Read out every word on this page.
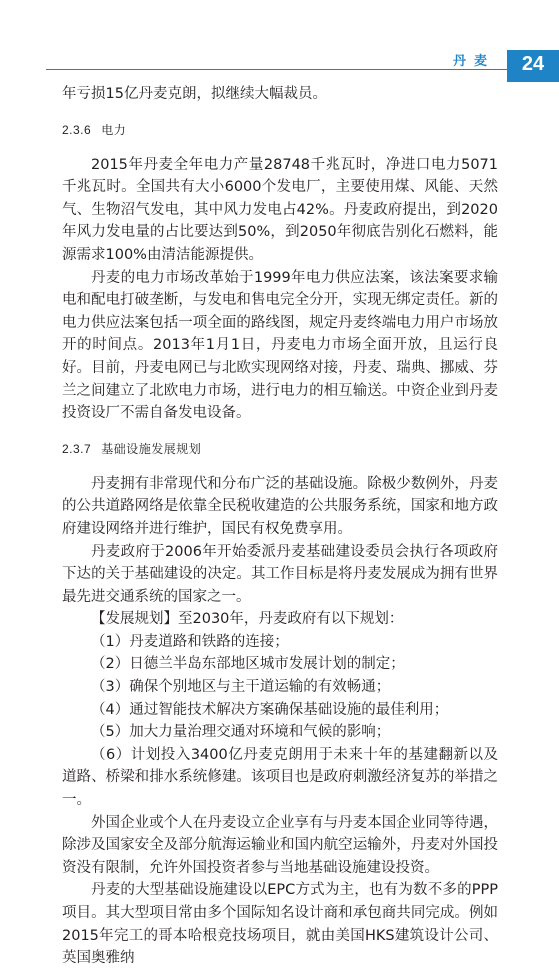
丹麦	24

年亏损15亿丹麦克朗，拟继续大幅裁员。

2.3.6 电力

2015年丹麦全年电力产量28748千兆瓦时，净进口电力5071千兆瓦时。全国共有大小6000个发电厂，主要使用煤、风能、天然气、生物沼气发电，其中风力发电占42%。丹麦政府提出，到2020年风力发电量的占比要达到50%，到2050年彻底告别化石燃料，能源需求100%由清洁能源提供。

丹麦的电力市场改革始于1999年电力供应法案，该法案要求输电和配电打破垄断，与发电和售电完全分开，实现无绑定责任。新的电力供应法案包括一项全面的路线图，规定丹麦终端电力用户市场放开的时间点。2013年1月1日，丹麦电力市场全面开放，且运行良好。目前，丹麦电网已与北欧实现网络对接，丹麦、瑞典、挪威、芬兰之间建立了北欧电力市场，进行电力的相互输送。中资企业到丹麦投资设厂不需自备发电设备。

2.3.7 基础设施发展规划

丹麦拥有非常现代和分布广泛的基础设施。除极少数例外，丹麦的公共道路网络是依靠全民税收建造的公共服务系统，国家和地方政府建设网络并进行维护，国民有权免费享用。

丹麦政府于2006年开始委派丹麦基础建设委员会执行各项政府下达的关于基础建设的决定。其工作目标是将丹麦发展成为拥有世界最先进交通系统的国家之一。

【发展规划】至2030年，丹麦政府有以下规划：

（1）丹麦道路和铁路的连接；

（2）日德兰半岛东部地区城市发展计划的制定；

（3）确保个别地区与主干道运输的有效畅通；

（4）通过智能技术解决方案确保基础设施的最佳利用；

（5）加大力量治理交通对环境和气候的影响；

（6）计划投入3400亿丹麦克朗用于未来十年的基建翻新以及道路、桥梁和排水系统修建。该项目也是政府刺激经济复苏的举措之一。

外国企业或个人在丹麦设立企业享有与丹麦本国企业同等待遇，除涉及国家安全及部分航海运输业和国内航空运输外，丹麦对外国投资没有限制，允许外国投资者参与当地基础设施建设投资。

丹麦的大型基础设施建设以EPC方式为主，也有为数不多的PPP项目。其大型项目常由多个国际知名设计商和承包商共同完成。例如2015年完工的哥本哈根竞技场项目，就由美国HKS建筑设计公司、英国奥雅纳
